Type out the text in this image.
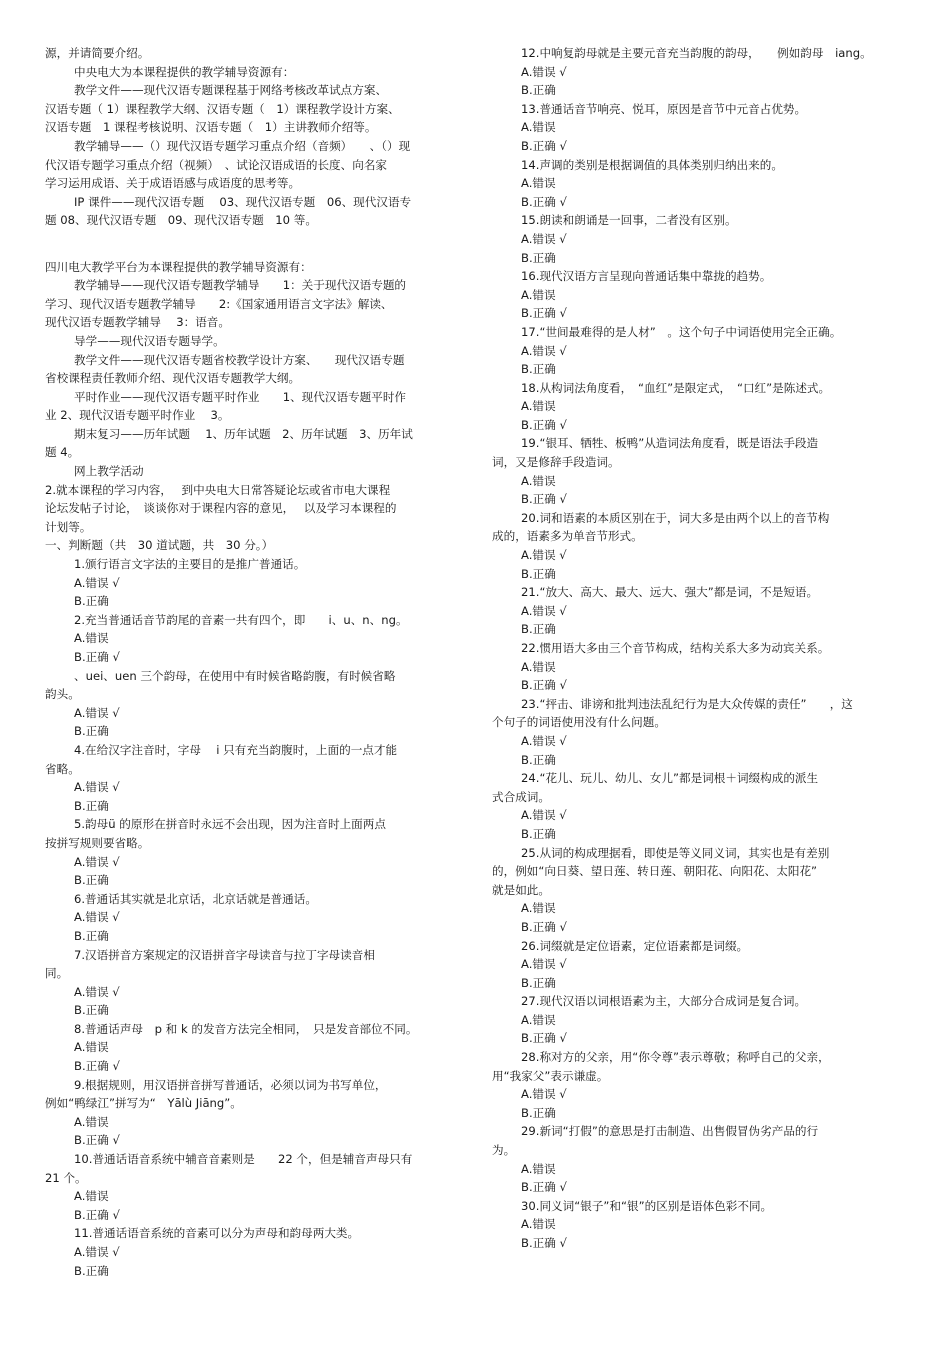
源，并请简要介绍。
中央电大为本课程提供的教学辅导资源有：
教学文件——现代汉语专题课程基于网络考核改革试点方案、
汉语专题（ 1）课程教学大纲、汉语专题（　1）课程教学设计方案、
汉语专题　1 课程考核说明、汉语专题（　1）主讲教师介绍等。
教学辅导——（）现代汉语专题学习重点介绍（音频）　　、（）现
代汉语专题学习重点介绍（视频）　、试论汉语成语的长度、向名家
学习运用成语、关于成语语感与成语度的思考等。
IP 课件——现代汉语专题　 03、现代汉语专题　06、现代汉语专
题 08、现代汉语专题　09、现代汉语专题　10 等。
四川电大教学平台为本课程提供的教学辅导资源有：
教学辅导——现代汉语专题教学辅导　　1：关于现代汉语专题的
学习、现代汉语专题教学辅导　　2:《国家通用语言文字法》解读、
现代汉语专题教学辅导　 3：语音。
导学——现代汉语专题导学。
教学文件——现代汉语专题省校教学设计方案、　　现代汉语专题
省校课程责任教师介绍、现代汉语专题教学大纲。
平时作业——现代汉语专题平时作业　　1、现代汉语专题平时作
业 2、现代汉语专题平时作业　 3。
期末复习——历年试题　 1、历年试题　2、历年试题　3、历年试
题 4。
网上教学活动
2.就本课程的学习内容，　 到中央电大日常答疑论坛或省市电大课程
论坛发帖子讨论，　谈谈你对于课程内容的意见，　 以及学习本课程的
计划等。
一、判断题（共　30 道试题，共　30 分。）
1.颁行语言文字法的主要目的是推广普通话。
A.错误 √
B.正确
2.充当普通话音节韵尾的音素一共有四个，即　　i、u、n、ng。
A.错误
B.正确 √
、uei、uen 三个韵母，在使用中有时候省略韵腹，有时候省略
韵头。
A.错误 √
B.正确
4.在给汉字注音时，字母　 i 只有充当韵腹时，上面的一点才能
省略。
A.错误 √
B.正确
5.韵母ü 的原形在拼音时永远不会出现，因为注音时上面两点
按拼写规则要省略。
A.错误 √
B.正确
6.普通话其实就是北京话，北京话就是普通话。
A.错误 √
B.正确
7.汉语拼音方案规定的汉语拼音字母读音与拉丁字母读音相
同。
A.错误 √
B.正确
8.普通话声母　p 和 k 的发音方法完全相同，　只是发音部位不同。
A.错误
B.正确 √
9.根据规则，用汉语拼音拼写普通话，必须以词为书写单位，
例如“鸭绿江”拼写为“　Yālù Jiāng”。
A.错误
B.正确 √
10.普通话语音系统中辅音音素则是　　22 个，但是辅音声母只有
21 个。
A.错误
B.正确 √
11.普通话语音系统的音素可以分为声母和韵母两大类。
A.错误 √
B.正确
12.中响复韵母就是主要元音充当韵腹的韵母，　　例如韵母　iang。
A.错误 √
B.正确
13.普通话音节响亮、悦耳，原因是音节中元音占优势。
A.错误
B.正确 √
14.声调的类别是根据调值的具体类别归纳出来的。
A.错误
B.正确 √
15.朗读和朗诵是一回事，二者没有区别。
A.错误 √
B.正确
16.现代汉语方言呈现向普通话集中靠拢的趋势。
A.错误
B.正确 √
17.“世间最难得的是人材”　。这个句子中词语使用完全正确。
A.错误 √
B.正确
18.从构词法角度看，　“血红”是限定式，　“口红”是陈述式。
A.错误
B.正确 √
19.“银耳、牺牲、板鸭”从造词法角度看，既是语法手段造
词，又是修辞手段造词。
A.错误
B.正确 √
20.词和语素的本质区别在于，词大多是由两个以上的音节构
成的，语素多为单音节形式。
A.错误 √
B.正确
21.“放大、高大、最大、远大、强大”都是词，不是短语。
A.错误 √
B.正确
22.惯用语大多由三个音节构成，结构关系大多为动宾关系。
A.错误
B.正确 √
23.“抨击、诽谤和批判违法乱纪行为是大众传媒的责任”　　，这
个句子的词语使用没有什么问题。
A.错误 √
B.正确
24.“花儿、玩儿、幼儿、女儿”都是词根＋词缀构成的派生
式合成词。
A.错误 √
B.正确
25.从词的构成理据看，即使是等义同义词，其实也是有差别
的，例如“向日葵、望日莲、转日莲、朝阳花、向阳花、太阳花”
就是如此。
A.错误
B.正确 √
26.词缀就是定位语素，定位语素都是词缀。
A.错误 √
B.正确
27.现代汉语以词根语素为主，大部分合成词是复合词。
A.错误
B.正确 √
28.称对方的父亲，用“你令尊”表示尊敬；称呼自己的父亲，
用“我家父”表示谦虚。
A.错误 √
B.正确
29.新词“打假”的意思是打击制造、出售假冒伪劣产品的行
为。
A.错误
B.正确 √
30.同义词“银子”和“银”的区别是语体色彩不同。
A.错误
B.正确 √
